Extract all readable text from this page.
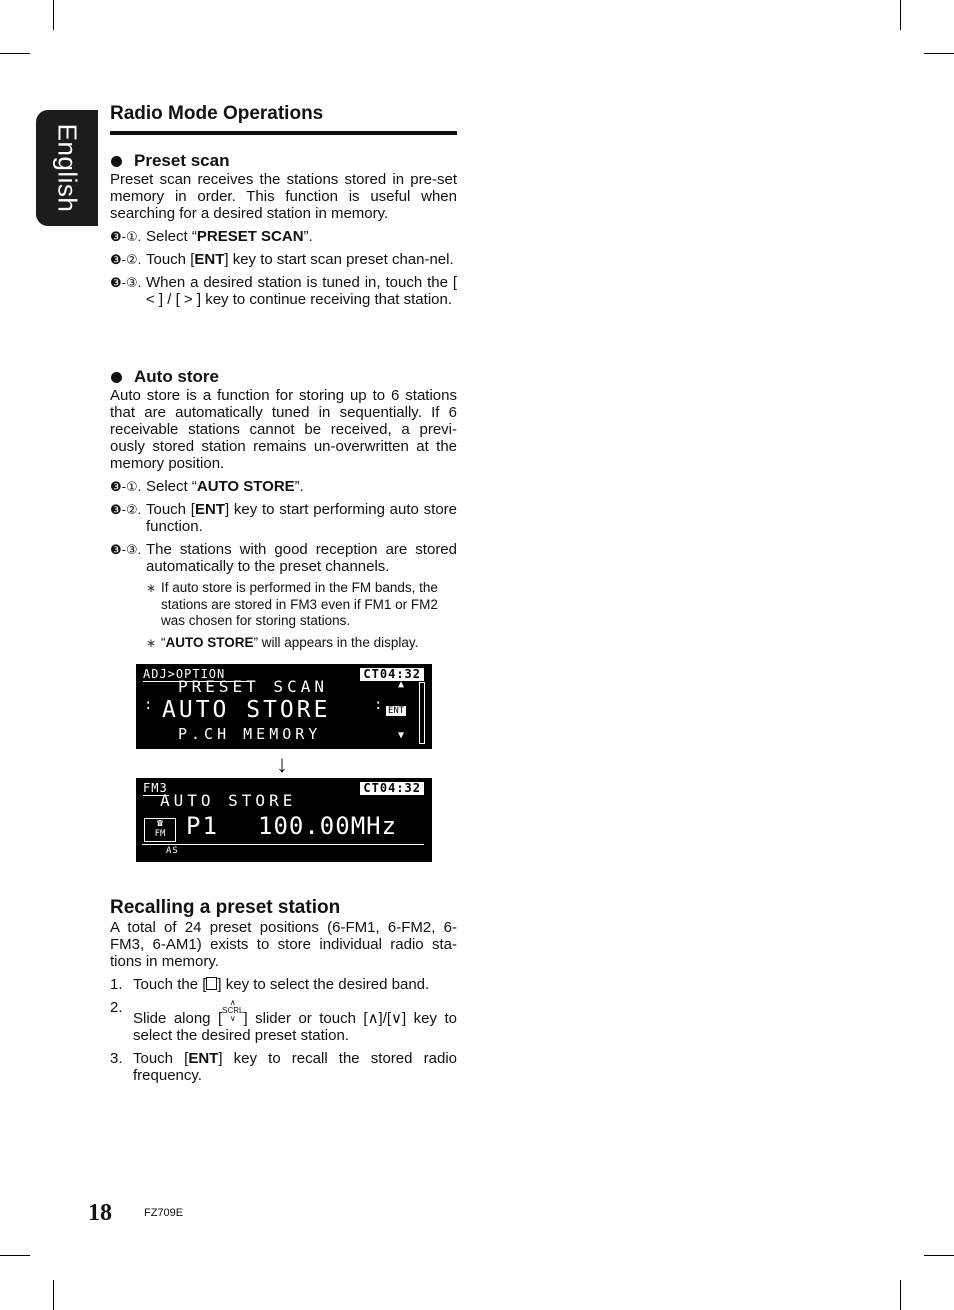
English
Radio Mode Operations
Preset scan

Preset scan receives the stations stored in pre-set memory in order. This function is useful when searching for a desired station in memory.

❸-①. Select “PRESET SCAN”.
❸-②. Touch [ENT] key to start scan preset chan-nel.
❸-③. When a desired station is tuned in, touch the [ < ] / [ > ] key to continue receiving that station.
Auto store

Auto store is a function for storing up to 6 stations that are automatically tuned in sequentially. If 6 receivable stations cannot be received, a previ-ously stored station remains un-overwritten at the memory position.

❸-①. Select “AUTO STORE”.
❸-②. Touch [ENT] key to start performing auto store function.
❸-③. The stations with good reception are stored automatically to the preset channels.
∗ If auto store is performed in the FM bands, the stations are stored in FM3 even if FM1 or FM2 was chosen for storing stations.
∗ “AUTO STORE” will appears in the display.
ADJ>OPTION	CT04:32
PRESET SCAN	▲
: AUTO STORE	: ENT
P.CH MEMORY	▼
↓
FM3	CT04:32
AUTO STORE
☎
FM P1 100.00MHz
AS
Recalling a preset station

A total of 24 preset positions (6-FM1, 6-FM2, 6-FM3, 6-AM1) exists to store individual radio sta-tions in memory.

1. Touch the [ ] key to select the desired band.
2.
Slide along [∧
SCRL
∨ ] slider or touch [∧]/[∨] key to select the desired preset station.
3. Touch [ENT] key to recall the stored radio frequency.
18	FZ709E
